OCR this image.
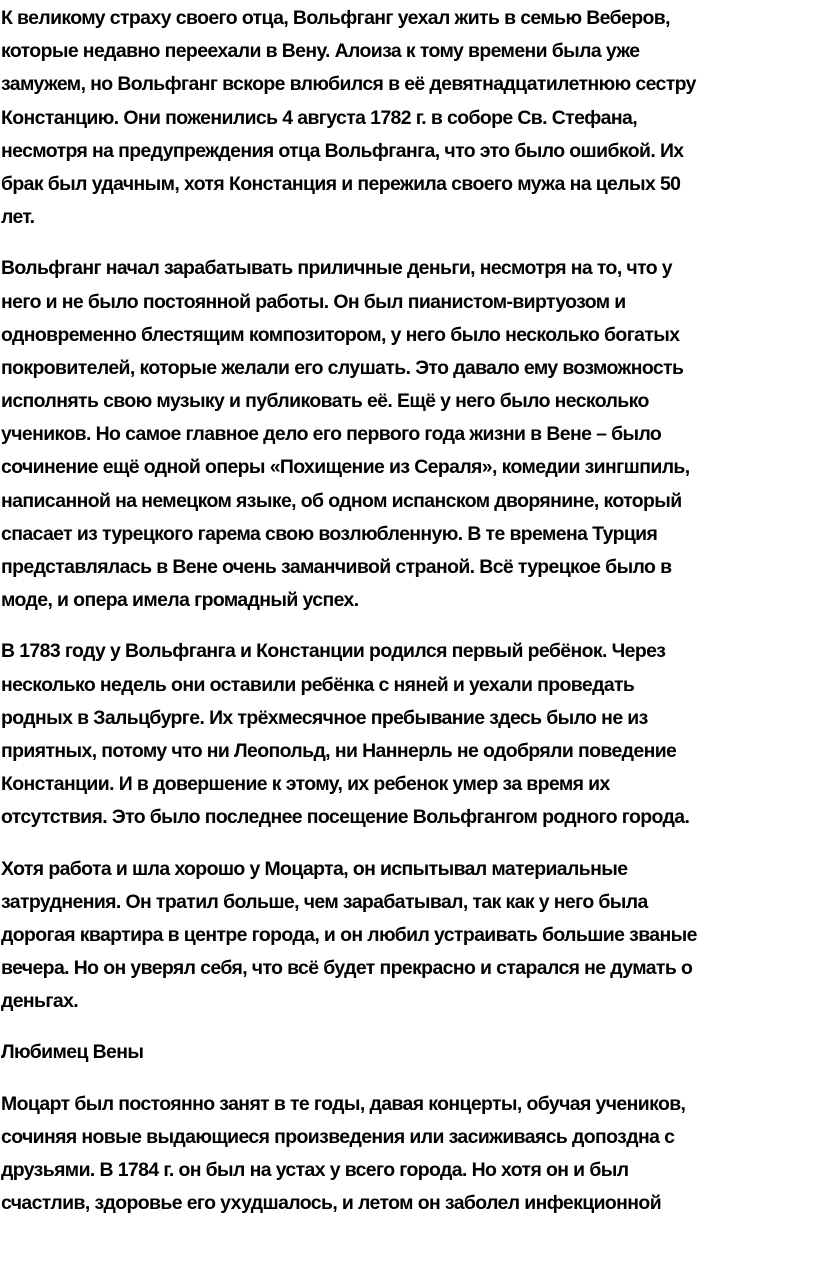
К великому страху своего отца, Вольфганг уехал жить в семью Веберов,
которые недавно переехали в Вену. Алоиза к тому времени была уже
замужем, но Вольфганг вскоре влюбился в её девятнадцатилетнюю сестру
Констанцию. Они поженились 4 августа 1782 г. в соборе Св. Стефана,
несмотря на предупреждения отца Вольфганга, что это было ошибкой. Их
брак был удачным, хотя Констанция и пережила своего мужа на целых 50
лет.
Вольфганг начал зарабатывать приличные деньги, несмотря на то, что у
него и не было постоянной работы. Он был пианистом-виртуозом и
одновременно блестящим композитором, у него было несколько богатых
покровителей, которые желали его слушать. Это давало ему возможность
исполнять свою музыку и публиковать её. Ещё у него было несколько
учеников. Но самое главное дело его первого года жизни в Вене – было
сочинение ещё одной оперы «Похищение из Сераля», комедии зингшпиль,
написанной на немецком языке, об одном испанском дворянине, который
спасает из турецкого гарема свою возлюбленную. В те времена Турция
представлялась в Вене очень заманчивой страной. Всё турецкое было в
моде, и опера имела громадный успех.
В 1783 году у Вольфганга и Констанции родился первый ребёнок. Через
несколько недель они оставили ребёнка с няней и уехали проведать
родных в Зальцбурге. Их трёхмесячное пребывание здесь было не из
приятных, потому что ни Леопольд, ни Наннерль не одобряли поведение
Констанции. И в довершение к этому, их ребенок умер за время их
отсутствия. Это было последнее посещение Вольфгангом родного города.
Хотя работа и шла хорошо у Моцарта, он испытывал материальные
затруднения. Он тратил больше, чем зарабатывал, так как у него была
дорогая квартира в центре города, и он любил устраивать большие званые
вечера. Но он уверял себя, что всё будет прекрасно и старался не думать о
деньгах.
Любимец Вены
Моцарт был постоянно занят в те годы, давая концерты, обучая учеников,
сочиняя новые выдающиеся произведения или засиживаясь допоздна с
друзьями. В 1784 г. он был на устах у всего города. Но хотя он и был
счастлив, здоровье его ухудшалось, и летом он заболел инфекционной
